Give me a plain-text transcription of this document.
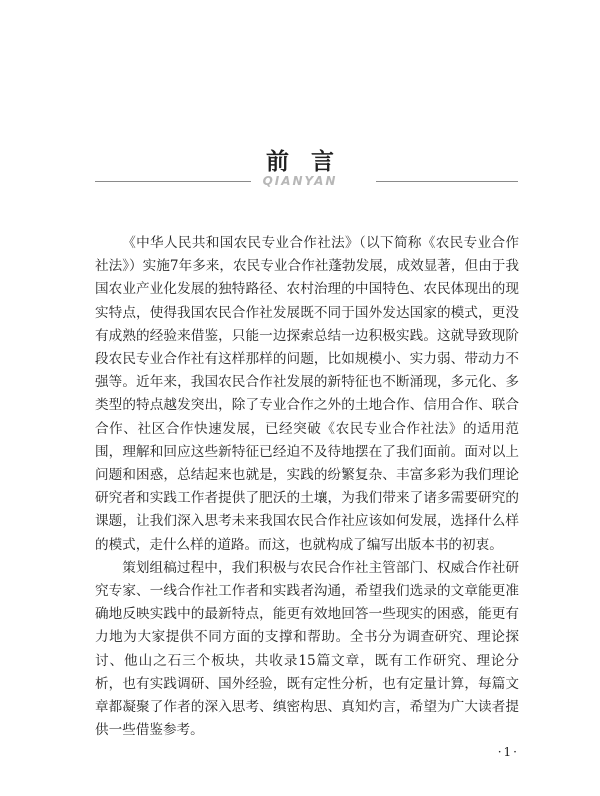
前言
QIANYAN

《中华人民共和国农民专业合作社法》（以下简称《农民专业合作社法》）实施7年多来，农民专业合作社蓬勃发展，成效显著，但由于我国农业产业化发展的独特路径、农村治理的中国特色、农民体现出的现实特点，使得我国农民合作社发展既不同于国外发达国家的模式，更没有成熟的经验来借鉴，只能一边探索总结一边积极实践。这就导致现阶段农民专业合作社有这样那样的问题，比如规模小、实力弱、带动力不强等。近年来，我国农民合作社发展的新特征也不断涌现，多元化、多类型的特点越发突出，除了专业合作之外的土地合作、信用合作、联合合作、社区合作快速发展，已经突破《农民专业合作社法》的适用范围，理解和回应这些新特征已经迫不及待地摆在了我们面前。面对以上问题和困惑，总结起来也就是，实践的纷繁复杂、丰富多彩为我们理论研究者和实践工作者提供了肥沃的土壤，为我们带来了诸多需要研究的课题，让我们深入思考未来我国农民合作社应该如何发展，选择什么样的模式，走什么样的道路。而这，也就构成了编写出版本书的初衷。

策划组稿过程中，我们积极与农民合作社主管部门、权威合作社研究专家、一线合作社工作者和实践者沟通，希望我们选录的文章能更准确地反映实践中的最新特点，能更有效地回答一些现实的困惑，能更有力地为大家提供不同方面的支撑和帮助。全书分为调查研究、理论探讨、他山之石三个板块，共收录15篇文章，既有工作研究、理论分析，也有实践调研、国外经验，既有定性分析，也有定量计算，每篇文章都凝聚了作者的深入思考、缜密构思、真知灼言，希望为广大读者提供一些借鉴参考。

·1·
